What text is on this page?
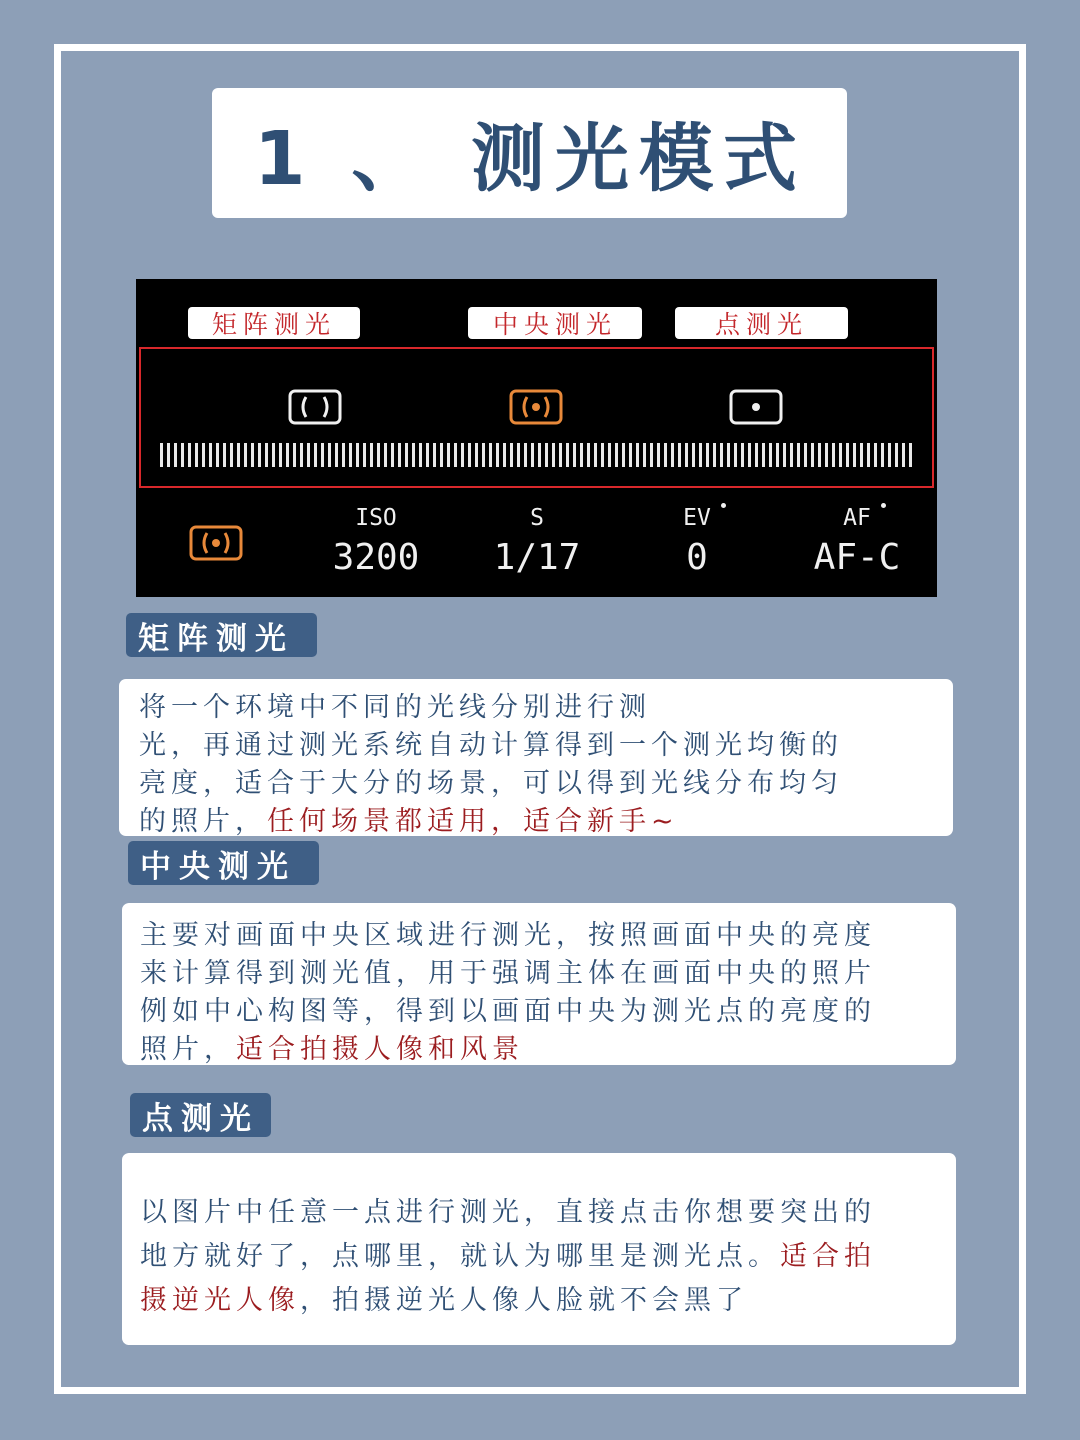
1 、 测光模式
矩阵测光	中央测光	点测光
ISO
3200
S
1/17
EV
0
AF
AF-C
矩阵测光
将一个环境中不同的光线分别进行测
光，再通过测光系统自动计算得到一个测光均衡的
亮度，适合于大分的场景，可以得到光线分布均匀
的照片，任何场景都适用，适合新手~
中央测光
主要对画面中央区域进行测光，按照画面中央的亮度
来计算得到测光值，用于强调主体在画面中央的照片
例如中心构图等，得到以画面中央为测光点的亮度的
照片，适合拍摄人像和风景
点测光
以图片中任意一点进行测光，直接点击你想要突出的
地方就好了，点哪里，就认为哪里是测光点。适合拍
摄逆光人像，拍摄逆光人像人脸就不会黑了
